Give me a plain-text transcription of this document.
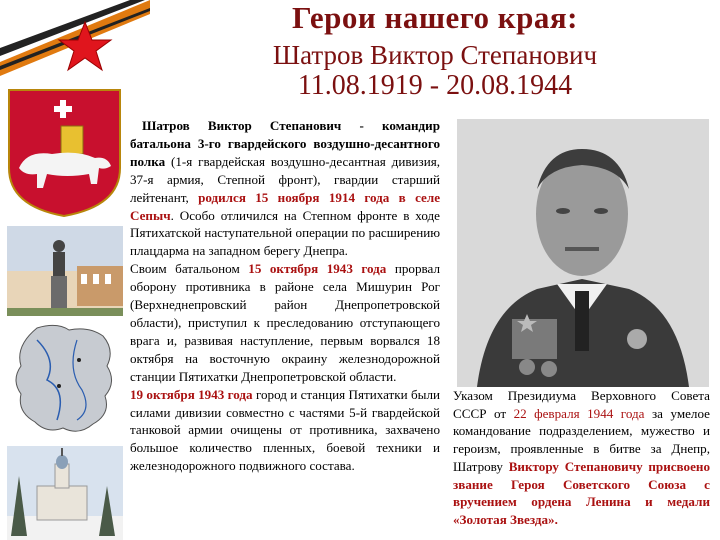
Герои нашего края:
Шатров Виктор Степанович
11.08.1919 - 20.08.1944

Шатров Виктор Степанович - командир батальона 3-го гвардейского воздушно-десантного полка (1-я гвардейская воздушно-десантная дивизия, 37-я армия, Степной фронт), гвардии старший лейтенант, родился 15 ноября 1914 года в селе Сепыч. Особо отличился на Степном фронте в ходе Пятихатской наступательной операции по расширению плацдарма на западном берегу Днепра.

Своим батальоном 15 октября 1943 года прорвал оборону противника в районе села Мишурин Рог (Верхнеднепровский район Днепропетровской области), приступил к преследованию отступающего врага и, развивая наступление, первым ворвался 18 октября на восточную окраину железнодорожной станции Пятихатки Днепропетровской области.

19 октября 1943 года город и станция Пятихатки были силами дивизии совместно с частями 5-й гвардейской танковой армии очищены от противника, захвачено большое количество пленных, боевой техники и железнодорожного подвижного состава.

Указом Президиума Верховного Совета СССР от 22 февраля 1944 года за умелое командование подразделением, мужество и героизм, проявленные в битве за Днепр, Шатрову Виктору Степановичу присвоено звание Героя Советского Союза с вручением ордена Ленина и медали «Золотая Звезда».
